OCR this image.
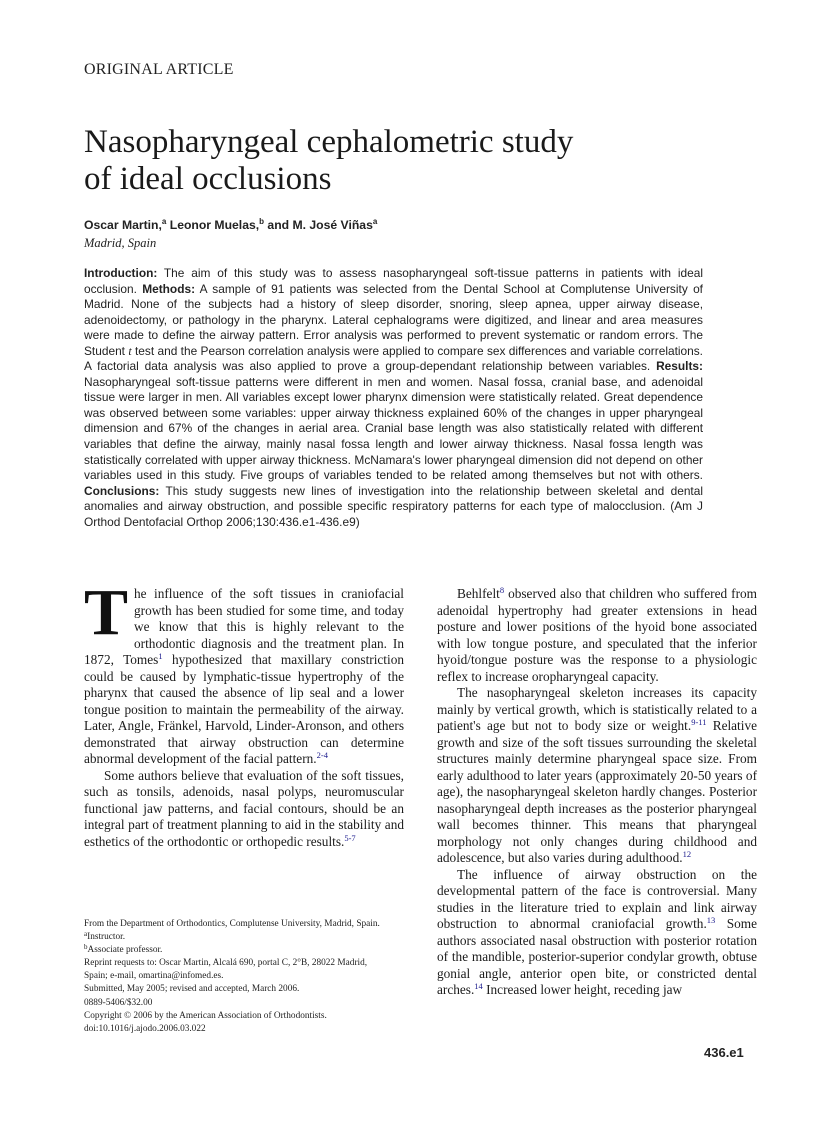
ORIGINAL ARTICLE
Nasopharyngeal cephalometric study
of ideal occlusions
Oscar Martin,$^a$ Leonor Muelas,$^b$ and M. José Viñas$^a$
Madrid, Spain

Introduction: The aim of this study was to assess nasopharyngeal soft-tissue patterns in patients with ideal occlusion. Methods: A sample of 91 patients was selected from the Dental School at Complutense University of Madrid. None of the subjects had a history of sleep disorder, snoring, sleep apnea, upper airway disease, adenoidectomy, or pathology in the pharynx. Lateral cephalograms were digitized, and linear and area measures were made to define the airway pattern. Error analysis was performed to prevent systematic or random errors. The Student t test and the Pearson correlation analysis were applied to compare sex differences and variable correlations. A factorial data analysis was also applied to prove a group-dependant relationship between variables. Results: Nasopharyngeal soft-tissue patterns were different in men and women. Nasal fossa, cranial base, and adenoidal tissue were larger in men. All variables except lower pharynx dimension were statistically related. Great dependence was observed between some variables: upper airway thickness explained 60% of the changes in upper pharyngeal dimension and 67% of the changes in aerial area. Cranial base length was also statistically related with different variables that define the airway, mainly nasal fossa length and lower airway thickness. Nasal fossa length was statistically correlated with upper airway thickness. McNamara's lower pharyngeal dimension did not depend on other variables used in this study. Five groups of variables tended to be related among themselves but not with others. Conclusions: This study suggests new lines of investigation into the relationship between skeletal and dental anomalies and airway obstruction, and possible specific respiratory patterns for each type of malocclusion. (Am J Orthod Dentofacial Orthop 2006;130:436.e1-436.e9)

The influence of the soft tissues in craniofacial growth has been studied for some time, and today we know that this is highly relevant to the orthodontic diagnosis and the treatment plan. In 1872, Tomes$^1$ hypothesized that maxillary constriction could be caused by lymphatic-tissue hypertrophy of the pharynx that caused the absence of lip seal and a lower tongue position to maintain the permeability of the airway. Later, Angle, Fränkel, Harvold, Linder-Aronson, and others demonstrated that airway obstruction can determine abnormal development of the facial pattern.$^{2-4}$

Some authors believe that evaluation of the soft tissues, such as tonsils, adenoids, nasal polyps, neuromuscular functional jaw patterns, and facial contours, should be an integral part of treatment planning to aid in the stability and esthetics of the orthodontic or orthopedic results.$^{5-7}$

Behlfelt$^8$ observed also that children who suffered from adenoidal hypertrophy had greater extensions in head posture and lower positions of the hyoid bone associated with low tongue posture, and speculated that the inferior hyoid/tongue posture was the response to a physiologic reflex to increase oropharyngeal capacity.

The nasopharyngeal skeleton increases its capacity mainly by vertical growth, which is statistically related to a patient's age but not to body size or weight.$^{9-11}$ Relative growth and size of the soft tissues surrounding the skeletal structures mainly determine pharyngeal space size. From early adulthood to later years (approximately 20-50 years of age), the nasopharyngeal skeleton hardly changes. Posterior nasopharyngeal depth increases as the posterior pharyngeal wall becomes thinner. This means that pharyngeal morphology not only changes during childhood and adolescence, but also varies during adulthood.$^{12}$

The influence of airway obstruction on the developmental pattern of the face is controversial. Many studies in the literature tried to explain and link airway obstruction to abnormal craniofacial growth.$^{13}$ Some authors associated nasal obstruction with posterior rotation of the mandible, posterior-superior condylar growth, obtuse gonial angle, anterior open bite, or constricted dental arches.$^{14}$ Increased lower height, receding jaw

From the Department of Orthodontics, Complutense University, Madrid, Spain.
$^a$Instructor.
$^b$Associate professor.
Reprint requests to: Oscar Martin, Alcalá 690, portal C, 2°B, 28022 Madrid,
Spain; e-mail, omartina@infomed.es.
Submitted, May 2005; revised and accepted, March 2006.
0889-5406/$32.00
Copyright © 2006 by the American Association of Orthodontists.
doi:10.1016/j.ajodo.2006.03.022
436.e1
